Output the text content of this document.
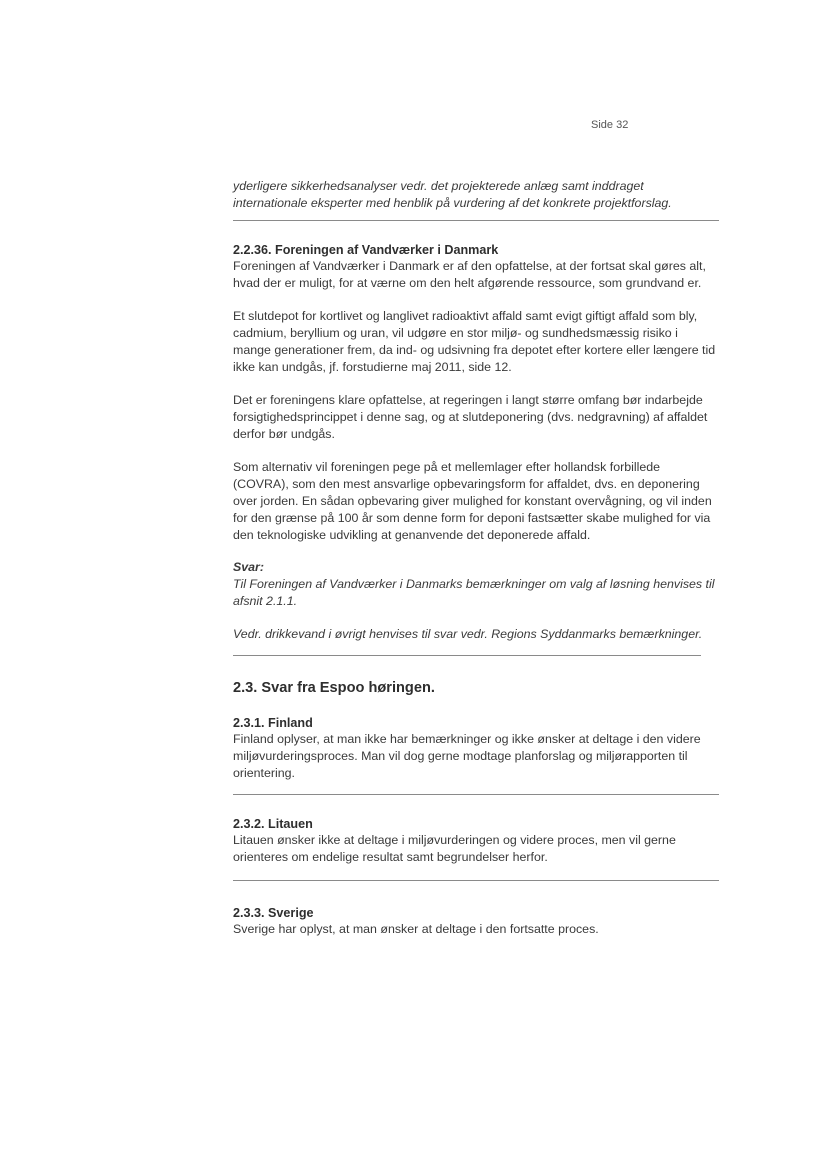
Side 32

yderligere sikkerhedsanalyser vedr. det projekterede anlæg samt inddraget internationale eksperter med henblik på vurdering af det konkrete projektforslag.

2.2.36. Foreningen af Vandværker i Danmark

Foreningen af Vandværker i Danmark er af den opfattelse, at der fortsat skal gøres alt, hvad der er muligt, for at værne om den helt afgørende ressource, som grundvand er.

Et slutdepot for kortlivet og langlivet radioaktivt affald samt evigt giftigt affald som bly, cadmium, beryllium og uran, vil udgøre en stor miljø- og sundhedsmæssig risiko i mange generationer frem, da ind- og udsivning fra depotet efter kortere eller længere tid ikke kan undgås, jf. forstudierne maj 2011, side 12.

Det er foreningens klare opfattelse, at regeringen i langt større omfang bør indarbejde forsigtighedsprincippet i denne sag, og at slutdeponering (dvs. nedgravning) af affaldet derfor bør undgås.

Som alternativ vil foreningen pege på et mellemlager efter hollandsk forbillede (COVRA), som den mest ansvarlige opbevaringsform for affaldet, dvs. en deponering over jorden. En sådan opbevaring giver mulighed for konstant overvågning, og vil inden for den grænse på 100 år som denne form for deponi fastsætter skabe mulighed for via den teknologiske udvikling at genanvende det deponerede affald.

Svar:

Til Foreningen af Vandværker i Danmarks bemærkninger om valg af løsning henvises til afsnit 2.1.1.

Vedr. drikkevand i øvrigt henvises til svar vedr. Regions Syddanmarks bemærkninger.

2.3. Svar fra Espoo høringen.
2.3.1. Finland

Finland oplyser, at man ikke har bemærkninger og ikke ønsker at deltage i den videre miljøvurderingsproces. Man vil dog gerne modtage planforslag og miljørapporten til orientering.

2.3.2. Litauen

Litauen ønsker ikke at deltage i miljøvurderingen og videre proces, men vil gerne orienteres om endelige resultat samt begrundelser herfor.

2.3.3. Sverige

Sverige har oplyst, at man ønsker at deltage i den fortsatte proces.
